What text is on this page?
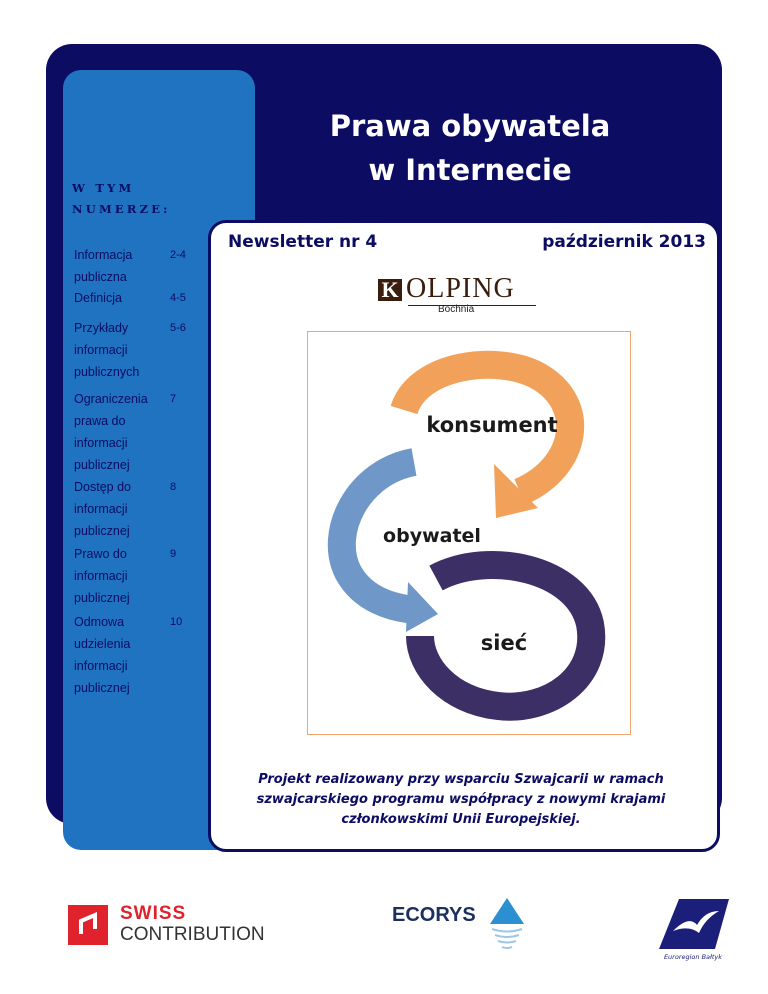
Prawa obywatela
w Internecie
W TYM
NUMERZE:
Informacja publiczna
2-4
Definicja	4-5
Przykłady informacji publicznych
5-6
Ograniczenia prawa do informacji publicznej
7
Dostęp do informacji publicznej
8
Prawo do informacji publicznej
9
Odmowa udzielenia informacji publicznej
10
Newsletter nr 4	październik 2013
K OLPING
Bochnia
konsument
obywatel
sieć
Projekt realizowany przy wsparciu Szwajcarii w ramach szwajcarskiego programu współpracy z nowymi krajami członkowskimi Unii Europejskiej.
SWISS
CONTRIBUTION
ECORYS
Euroregion Bałtyk
